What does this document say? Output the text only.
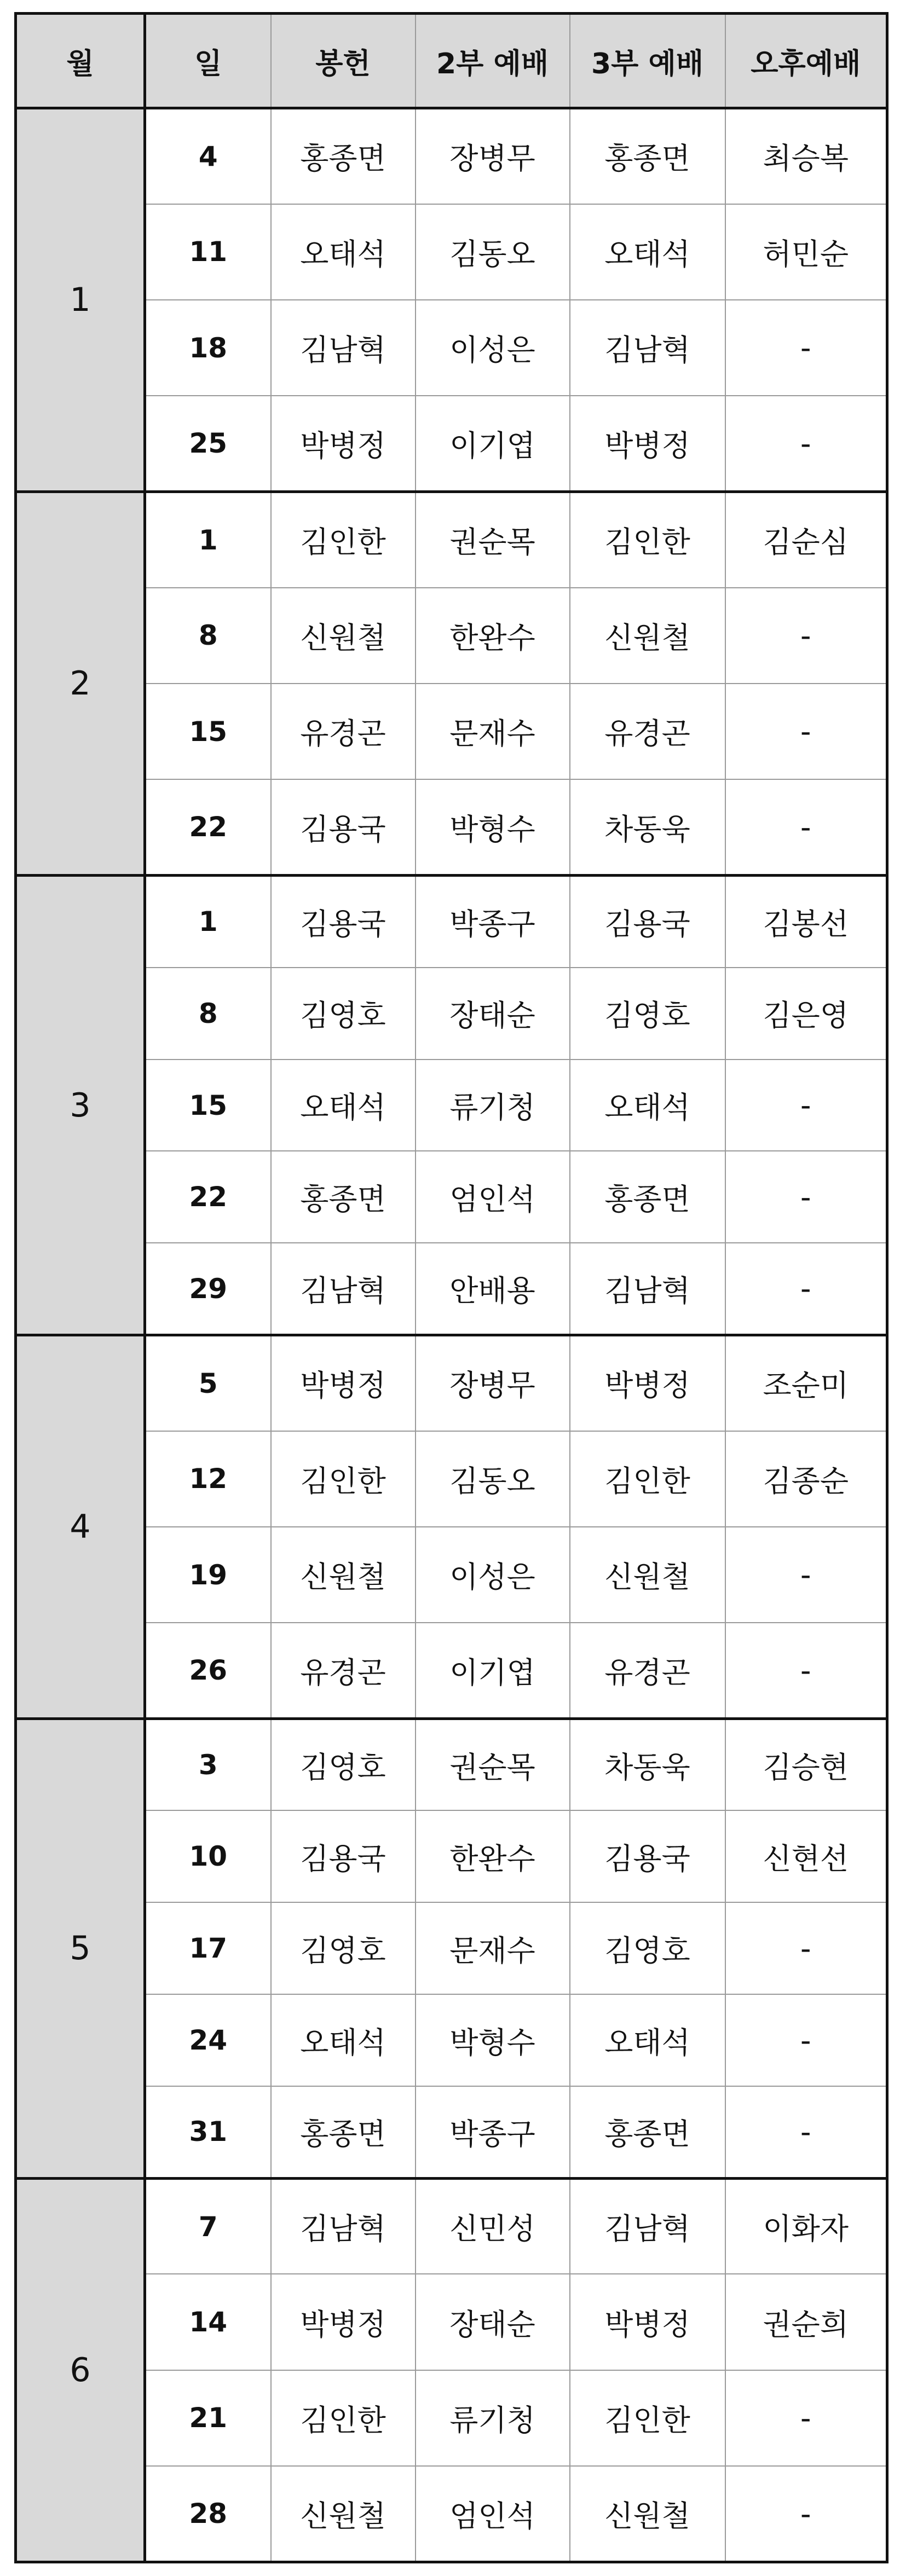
월	일	봉헌	2부 예배	3부 예배	오후예배
1	4	홍종면	장병무	홍종면	최승복
	11	오태석	김동오	오태석	허민순
	18	김남혁	이성은	김남혁	-
	25	박병정	이기엽	박병정	-
2	1	김인한	권순목	김인한	김순심
	8	신원철	한완수	신원철	-
	15	유경곤	문재수	유경곤	-
	22	김용국	박형수	차동욱	-
3	1	김용국	박종구	김용국	김봉선
	8	김영호	장태순	김영호	김은영
	15	오태석	류기청	오태석	-
	22	홍종면	엄인석	홍종면	-
	29	김남혁	안배용	김남혁	-
4	5	박병정	장병무	박병정	조순미
	12	김인한	김동오	김인한	김종순
	19	신원철	이성은	신원철	-
	26	유경곤	이기엽	유경곤	-
5	3	김영호	권순목	차동욱	김승현
	10	김용국	한완수	김용국	신현선
	17	김영호	문재수	김영호	-
	24	오태석	박형수	오태석	-
	31	홍종면	박종구	홍종면	-
6	7	김남혁	신민성	김남혁	이화자
	14	박병정	장태순	박병정	권순희
	21	김인한	류기청	김인한	-
	28	신원철	엄인석	신원철	-
